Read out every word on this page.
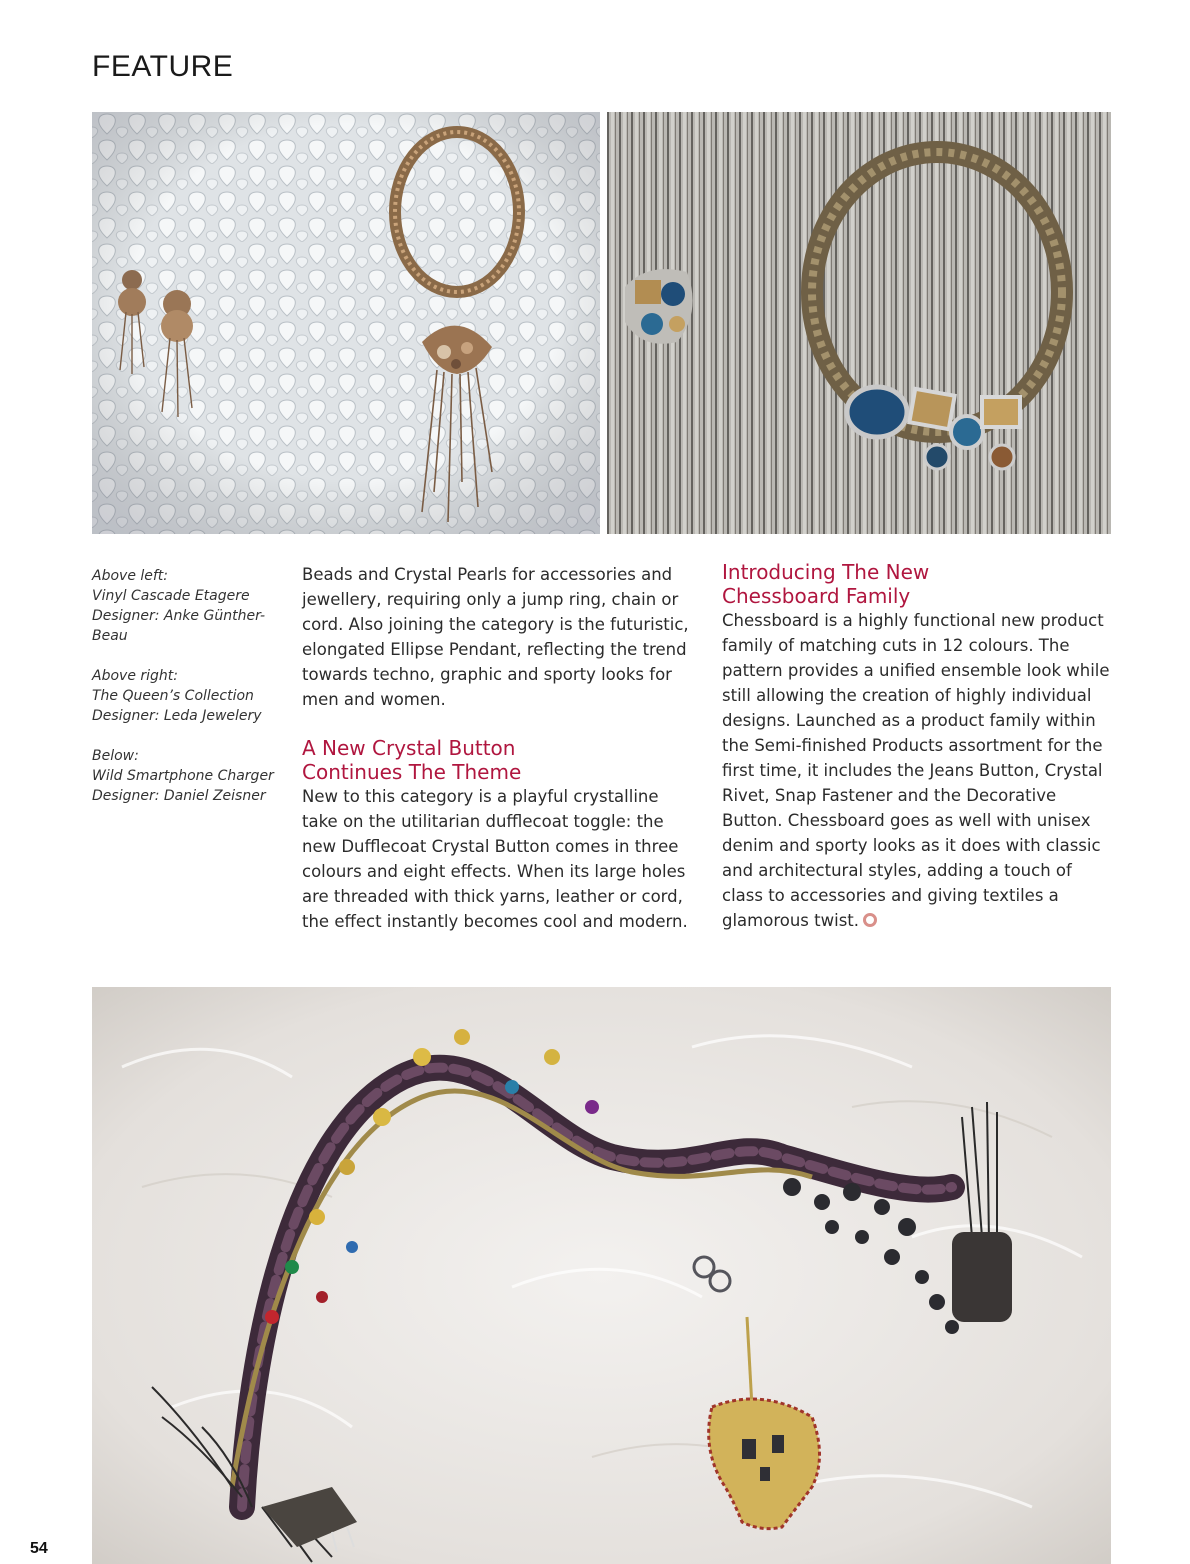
FEATURE

Above left:

Vinyl Cascade Etagere

Designer: Anke Günther-Beau

Above right:

The Queen’s Collection

Designer: Leda Jewelery

Below:

Wild Smartphone Charger

Designer: Daniel Zeisner

Beads and Crystal Pearls for accessories and jewellery, requiring only a jump ring, chain or cord. Also joining the category is the futuristic, elongated Ellipse Pendant, reflecting the trend towards techno, graphic and sporty looks for men and women.

A New Crystal Button
Continues The Theme

New to this category is a playful crystalline take on the utilitarian dufflecoat toggle: the new Dufflecoat Crystal Button comes in three colours and eight effects. When its large holes are threaded with thick yarns, leather or cord, the effect instantly becomes cool and modern.

Introducing The New
Chessboard Family

Chessboard is a highly functional new product family of matching cuts in 12 colours. The pattern provides a unified ensemble look while still allowing the creation of highly individual designs. Launched as a product family within the Semi-finished Products assortment for the first time, it includes the Jeans Button, Crystal Rivet, Snap Fastener and the Decorative Button. Chessboard goes as well with unisex denim and sporty looks as it does with classic and architectural styles, adding a touch of class to accessories and giving textiles a glamorous twist.

54
